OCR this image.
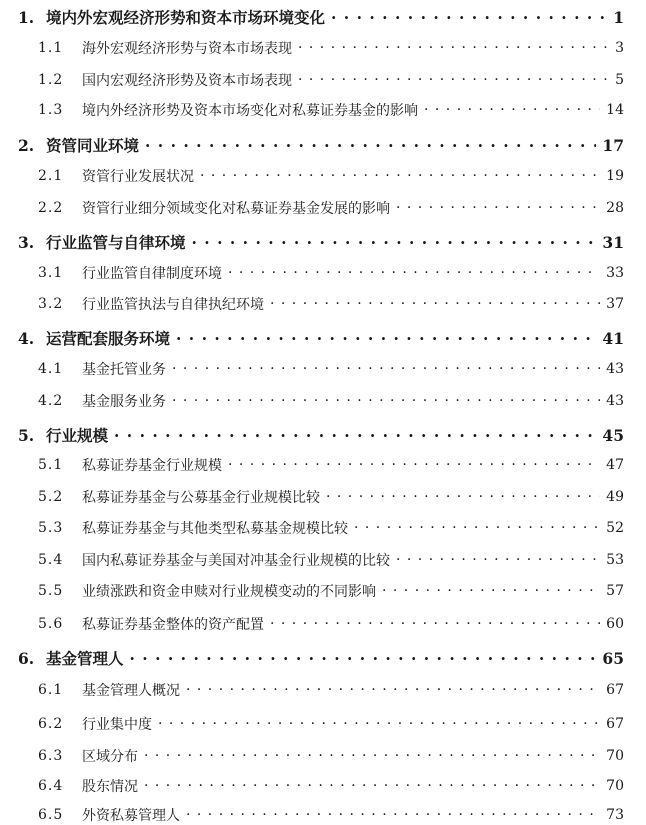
1. 境内外宏观经济形势和资本市场环境变化 · · ·	1
1.1	海外宏观经济形势与资本市场表现 · · ·	3
1.2	国内宏观经济形势及资本市场表现 · · ·	5
1.3	境内外经济形势及资本市场变化对私募证券基金的影响 · · ·	14
2. 资管同业环境 · · ·	17
2.1	资管行业发展状况 · · ·	19
2.2	资管行业细分领域变化对私募证券基金发展的影响 · · ·	28
3. 行业监管与自律环境 · · ·	31
3.1	行业监管自律制度环境 · · ·	33
3.2	行业监管执法与自律执纪环境 · · ·	37
4. 运营配套服务环境 · · ·	41
4.1	基金托管业务 · · ·	43
4.2	基金服务业务 · · ·	43
5. 行业规模 · · ·	45
5.1	私募证券基金行业规模 · · ·	47
5.2	私募证券基金与公募基金行业规模比较 · · ·	49
5.3	私募证券基金与其他类型私募基金规模比较 · · ·	52
5.4	国内私募证券基金与美国对冲基金行业规模的比较 · · ·	53
5.5	业绩涨跌和资金申赎对行业规模变动的不同影响 · · ·	57
5.6	私募证券基金整体的资产配置 · · ·	60
6. 基金管理人 · · ·	65
6.1	基金管理人概况 · · ·	67
6.2	行业集中度 · · ·	67
6.3	区域分布 · · ·	70
6.4	股东情况 · · ·	70
6.5	外资私募管理人 · · ·	73
